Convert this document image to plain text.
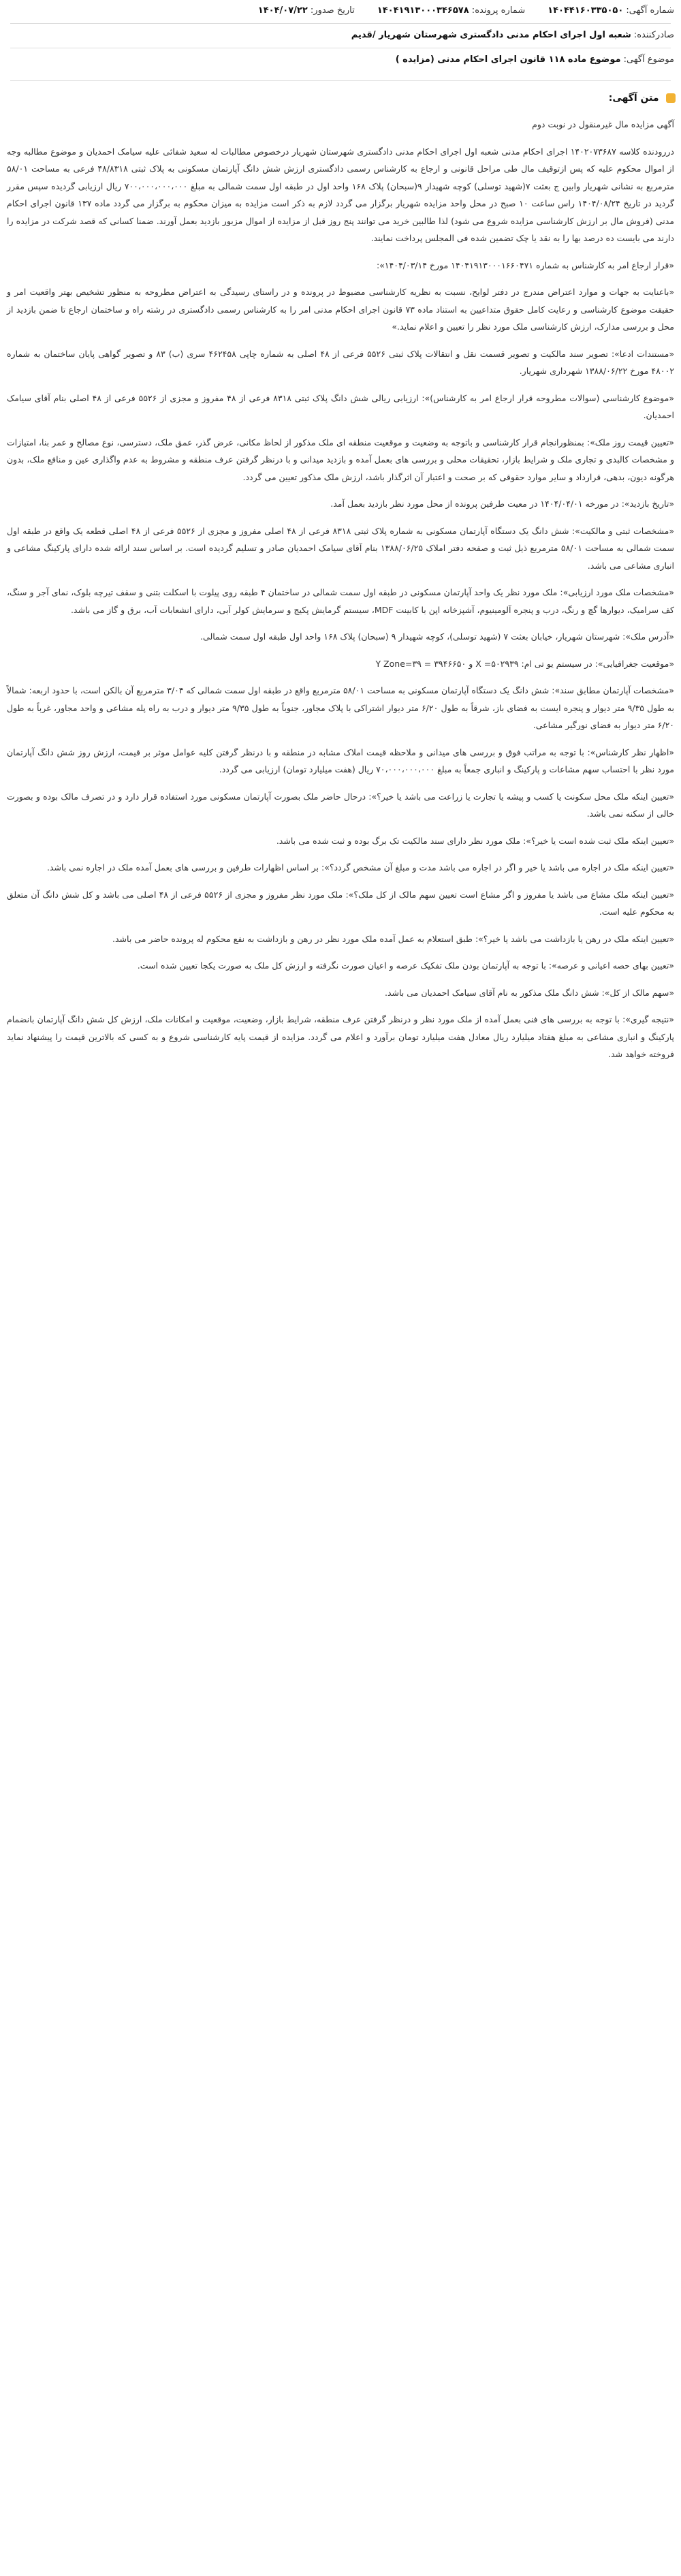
شماره آگهی: ۱۴۰۴۴۱۶۰۳۳۵۰۵۰        شماره پرونده: ۱۴۰۴۱۹۱۳۰۰۰۳۴۶۵۷۸        تاریخ صدور: ۱۴۰۴/۰۷/۲۲
صادرکننده: شعبه اول اجرای احکام مدنی دادگستری شهرستان شهریار /قدیم
موضوع آگهی: موضوع ماده ۱۱۸ قانون اجرای احکام مدنی (مزایده )
متن آگهی:

آگهی مزایده مال غیرمنقول در نوبت دوم

دررودنده کلاسه ۱۴۰۲۰۷۳۶۸۷ اجرای احکام مدنی شعبه اول اجرای احکام مدنی دادگستری شهرستان شهریار درخصوص مطالبات له سعید شفائی علیه سیامک احمدیان و موضوع مطالبه وجه از اموال محکوم علیه که پس ازتوقیف مال طی مراحل قانونی و ارجاع به کارشناس رسمی دادگستری ارزش شش دانگ آپارتمان مسکونی به پلاک ثبتی ۴۸/۸۳۱۸ فرعی به مساحت ۵۸/۰۱ مترمربع به نشانی شهریار وابین ج بعثت ۷(شهید توسلی) کوچه شهیدار ۹(سبحان) پلاک ۱۶۸ واحد اول در طبقه اول سمت شمالی به مبلغ ۷۰۰،۰۰۰،۰۰۰،۰۰۰ ریال ارزیابی گردیده سپس مقرر گردید در تاریخ ۱۴۰۴/۰۸/۲۴ راس ساعت ۱۰ صبح در محل واحد مزایده شهریار برگزار می گردد لازم به ذکر است مزایده به میزان محکوم به برگزار می گردد ماده ۱۳۷ قانون اجرای احکام مدنی (فروش مال بر ارزش کارشناسی مزایده شروع می شود) لذا طالبین خرید می توانند پنج روز قبل از مزایده از اموال مزبور بازدید بعمل آورند. ضمنا کسانی که قصد شرکت در مزایده را دارند می بایست ده درصد بها را به نقد یا چک تضمین شده فی المجلس پرداخت نمایند.

«قرار ارجاع امر به کارشناس به شماره ۱۴۰۴۱۹۱۳۰۰۰۱۶۶۰۴۷۱ مورخ ۱۴۰۴/۰۳/۱۴»:

«باعنایت به جهات و موارد اعتراض مندرج در دفتر لوایح، نسبت به نظریه کارشناسی مضبوط در پرونده و در راستای رسیدگی به اعتراض مطروحه به منظور تشخیص بهتر واقعیت امر و حقیقت موضوع کارشناسی و رعایت کامل حقوق متداعیین به استناد ماده ۷۳ قانون اجرای احکام مدنی امر را به کارشناس رسمی دادگستری در رشته راه و ساختمان ارجاع تا ضمن بازدید از محل و بررسی مدارک، ارزش کارشناسی ملک مورد نظر را تعیین و اعلام نماید.»

«مستندات ادعا»: تصویر سند مالکیت و تصویر قسمت نقل و انتقالات پلاک ثبتی ۵۵۲۶ فرعی از ۴۸ اصلی به شماره چاپی ۴۶۲۴۵۸ سری (ب) ۸۳ و تصویر گواهی پایان ساختمان به شماره ۴۸۰۰۲ مورخ ۱۳۸۸/۰۶/۲۲ شهرداری شهریار.

«موضوع کارشناسی (سوالات مطروحه قرار ارجاع امر به کارشناس)»: ارزیابی ریالی شش دانگ پلاک ثبتی ۸۳۱۸ فرعی از ۴۸ مفروز و مجزی از ۵۵۲۶ فرعی از ۴۸ اصلی بنام آقای سیامک احمدیان.

«تعیین قیمت روز ملک»: بمنظورانجام قرار کارشناسی و باتوجه به وضعیت و موقعیت منطقه ای ملک مذکور از لحاظ مکانی، عرض گذر، عمق ملک، دسترسی، نوع مصالح و عمر بنا، امتیازات و مشخصات کالبدی و تجاری ملک و شرایط بازار، تحقیقات محلی و بررسی های بعمل آمده و بازدید میدانی و با درنظر گرفتن عرف منطقه و مشروط به عدم واگذاری عین و منافع ملک، بدون هرگونه دیون، بدهی، قرارداد و سایر موارد حقوقی که بر صحت و اعتبار آن اثرگذار باشد، ارزش ملک مذکور تعیین می گردد.

«تاریخ بازدید»: در مورخه ۱۴۰۴/۰۴/۰۱ در معیت طرفین پرونده از محل مورد نظر بازدید بعمل آمد.

«مشخصات ثبتی و مالکیت»: شش دانگ یک دستگاه آپارتمان مسکونی به شماره پلاک ثبتی ۸۳۱۸ فرعی از ۴۸ اصلی مفروز و مجزی از ۵۵۲۶ فرعی از ۴۸ اصلی قطعه یک واقع در طبقه اول سمت شمالی به مساحت ۵۸/۰۱ مترمربع ذیل ثبت و صفحه دفتر املاک ۱۳۸۸/۰۶/۲۵ بنام آقای سیامک احمدیان صادر و تسلیم گردیده است. بر اساس سند ارائه شده دارای پارکینگ مشاعی و انباری مشاعی می باشد.

«مشخصات ملک مورد ارزیابی»: ملک مورد نظر یک واحد آپارتمان مسکونی در طبقه اول سمت شمالی در ساختمان ۴ طبقه روی پیلوت با اسکلت بتنی و سقف تیرچه بلوک، نمای آجر و سنگ، کف سرامیک، دیوارها گچ و رنگ، درب و پنجره آلومینیوم، آشپزخانه اپن با کابینت MDF، سیستم گرمایش پکیج و سرمایش کولر آبی، دارای انشعابات آب، برق و گاز می باشد.

«آدرس ملک»: شهرستان شهریار، خیابان بعثت ۷ (شهید توسلی)، کوچه شهیدار ۹ (سبحان) پلاک ۱۶۸ واحد اول طبقه اول سمت شمالی.

«موقعیت جغرافیایی»: در سیستم یو تی ام: ۵۰۲۹۳۹= X و ۳۹۴۶۶۵۰ = Y Zone=۳۹

«مشخصات آپارتمان مطابق سند»: شش دانگ یک دستگاه آپارتمان مسکونی به مساحت ۵۸/۰۱ مترمربع واقع در طبقه اول سمت شمالی که ۳/۰۴ مترمربع آن بالکن است، با حدود اربعه: شمالاً به طول ۹/۳۵ متر دیوار و پنجره ایست به فضای باز، شرقاً به طول ۶/۲۰ متر دیوار اشتراکی با پلاک مجاور، جنوباً به طول ۹/۳۵ متر دیوار و درب به راه پله مشاعی و واحد مجاور، غرباً به طول ۶/۲۰ متر دیوار به فضای نورگیر مشاعی.

«اظهار نظر کارشناس»: با توجه به مراتب فوق و بررسی های میدانی و ملاحظه قیمت املاک مشابه در منطقه و با درنظر گرفتن کلیه عوامل موثر بر قیمت، ارزش روز شش دانگ آپارتمان مورد نظر با احتساب سهم مشاعات و پارکینگ و انباری جمعاً به مبلغ ۷۰،۰۰۰،۰۰۰،۰۰۰ ریال (هفت میلیارد تومان) ارزیابی می گردد.

«تعیین اینکه ملک محل سکونت یا کسب و پیشه یا تجارت یا زراعت می باشد یا خیر؟»: درحال حاضر ملک بصورت آپارتمان مسکونی مورد استفاده قرار دارد و در تصرف مالک بوده و بصورت خالی از سکنه نمی باشد.

«تعیین اینکه ملک ثبت شده است یا خیر؟»: ملک مورد نظر دارای سند مالکیت تک برگ بوده و ثبت شده می باشد.

«تعیین اینکه ملک در اجاره می باشد یا خیر و اگر در اجاره می باشد مدت و مبلغ آن مشخص گردد؟»: بر اساس اظهارات طرفین و بررسی های بعمل آمده ملک در اجاره نمی باشد.

«تعیین اینکه ملک مشاع می باشد یا مفروز و اگر مشاع است تعیین سهم مالک از کل ملک؟»: ملک مورد نظر مفروز و مجزی از ۵۵۲۶ فرعی از ۴۸ اصلی می باشد و کل شش دانگ آن متعلق به محکوم علیه است.

«تعیین اینکه ملک در رهن یا بازداشت می باشد یا خیر؟»: طبق استعلام به عمل آمده ملک مورد نظر در رهن و بازداشت به نفع محکوم له پرونده حاضر می باشد.

«تعیین بهای حصه اعیانی و عرصه»: با توجه به آپارتمان بودن ملک تفکیک عرصه و اعیان صورت نگرفته و ارزش کل ملک به صورت یکجا تعیین شده است.

«سهم مالک از کل»: شش دانگ ملک مذکور به نام آقای سیامک احمدیان می باشد.

«نتیجه گیری»: با توجه به بررسی های فنی بعمل آمده از ملک مورد نظر و درنظر گرفتن عرف منطقه، شرایط بازار، وضعیت، موقعیت و امکانات ملک، ارزش کل شش دانگ آپارتمان بانضمام پارکینگ و انباری مشاعی به مبلغ هفتاد میلیارد ریال معادل هفت میلیارد تومان برآورد و اعلام می گردد. مزایده از قیمت پایه کارشناسی شروع و به کسی که بالاترین قیمت را پیشنهاد نماید فروخته خواهد شد.
